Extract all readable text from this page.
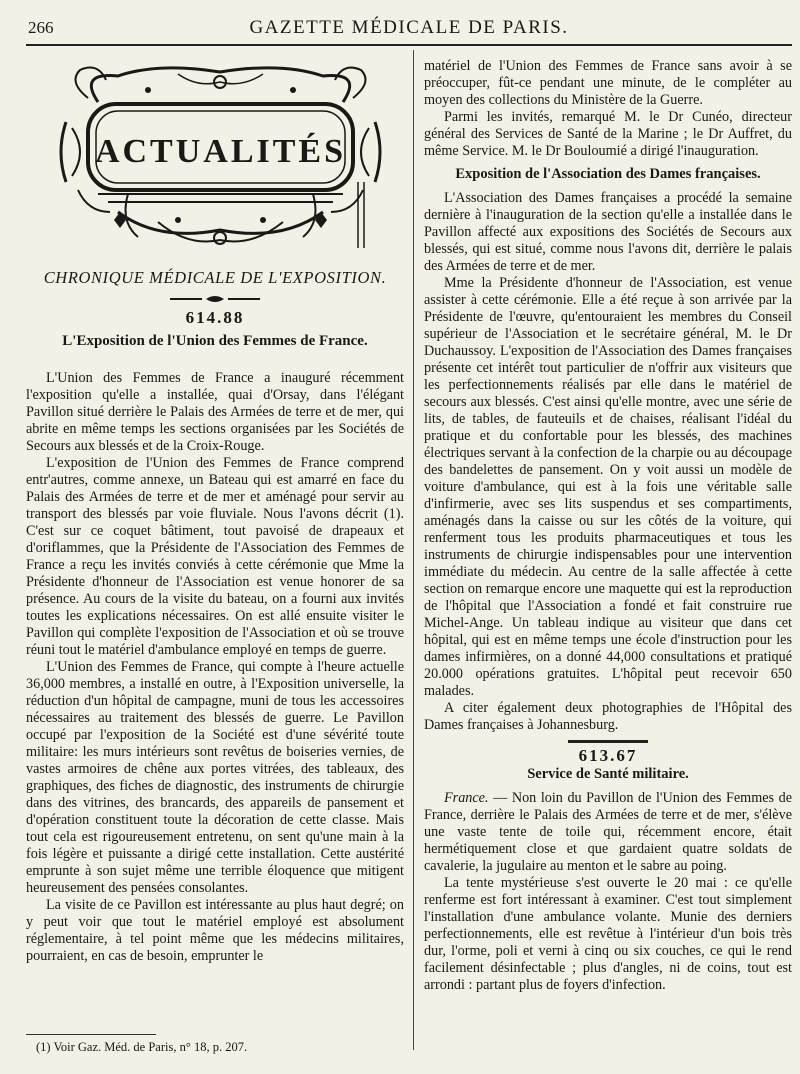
266	GAZETTE MÉDICALE DE PARIS.
ACTUALITÉS
CHRONIQUE MÉDICALE DE L'EXPOSITION.
614.88
L'Exposition de l'Union des Femmes de France.

L'Union des Femmes de France a inauguré récemment l'exposition qu'elle a installée, quai d'Orsay, dans l'élégant Pavillon situé derrière le Palais des Armées de terre et de mer, qui abrite en même temps les sections organisées par les Sociétés de Secours aux blessés et de la Croix-Rouge.

L'exposition de l'Union des Femmes de France comprend entr'autres, comme annexe, un Bateau qui est amarré en face du Palais des Armées de terre et de mer et aménagé pour servir au transport des blessés par voie fluviale. Nous l'avons décrit (1). C'est sur ce coquet bâtiment, tout pavoisé de drapeaux et d'oriflammes, que la Présidente de l'Association des Femmes de France a reçu les invités conviés à cette cérémonie que Mme la Présidente d'honneur de l'Association est venue honorer de sa présence. Au cours de la visite du bateau, on a fourni aux invités toutes les explications nécessaires. On est allé ensuite visiter le Pavillon qui complète l'exposition de l'Association et où se trouve réuni tout le matériel d'ambulance employé en temps de guerre.

L'Union des Femmes de France, qui compte à l'heure actuelle 36,000 membres, a installé en outre, à l'Exposition universelle, la réduction d'un hôpital de campagne, muni de tous les accessoires nécessaires au traitement des blessés de guerre. Le Pavillon occupé par l'exposition de la Société est d'une sévérité toute militaire: les murs intérieurs sont revêtus de boiseries vernies, de vastes armoires de chêne aux portes vitrées, des tableaux, des graphiques, des fiches de diagnostic, des instruments de chirurgie dans des vitrines, des brancards, des appareils de pansement et d'opération constituent toute la décoration de cette classe. Mais tout cela est rigoureusement entretenu, on sent qu'une main à la fois légère et puissante a dirigé cette installation. Cette austérité emprunte à son sujet même une terrible éloquence que mitigent heureusement des pensées consolantes.

La visite de ce Pavillon est intéressante au plus haut degré; on y peut voir que tout le matériel employé est absolument réglementaire, à tel point même que les médecins militaires, pourraient, en cas de besoin, emprunter le

matériel de l'Union des Femmes de France sans avoir à se préoccuper, fût-ce pendant une minute, de le compléter au moyen des collections du Ministère de la Guerre.

Parmi les invités, remarqué M. le Dr Cunéo, directeur général des Services de Santé de la Marine ; le Dr Auffret, du même Service. M. le Dr Bouloumié a dirigé l'inauguration.

Exposition de l'Association des Dames françaises.

L'Association des Dames françaises a procédé la semaine dernière à l'inauguration de la section qu'elle a installée dans le Pavillon affecté aux expositions des Sociétés de Secours aux blessés, qui est situé, comme nous l'avons dit, derrière le palais des Armées de terre et de mer.

Mme la Présidente d'honneur de l'Association, est venue assister à cette cérémonie. Elle a été reçue à son arrivée par la Présidente de l'œuvre, qu'entouraient les membres du Conseil supérieur de l'Association et le secrétaire général, M. le Dr Duchaussoy. L'exposition de l'Association des Dames françaises présente cet intérêt tout particulier de n'offrir aux visiteurs que les perfectionnements réalisés par elle dans le matériel de secours aux blessés. C'est ainsi qu'elle montre, avec une série de lits, de tables, de fauteuils et de chaises, réalisant l'idéal du pratique et du confortable pour les blessés, des machines électriques servant à la confection de la charpie ou au découpage des bandelettes de pansement. On y voit aussi un modèle de voiture d'ambulance, qui est à la fois une véritable salle d'infirmerie, avec ses lits suspendus et ses compartiments, aménagés dans la caisse ou sur les côtés de la voiture, qui renferment tous les produits pharmaceutiques et tous les instruments de chirurgie indispensables pour une intervention immédiate du médecin. Au centre de la salle affectée à cette section on remarque encore une maquette qui est la reproduction de l'hôpital que l'Association a fondé et fait construire rue Michel-Ange. Un tableau indique au visiteur que dans cet hôpital, qui est en même temps une école d'instruction pour les dames infirmières, on a donné 44,000 consultations et pratiqué 20.000 opérations gratuites. L'hôpital peut recevoir 650 malades.

A citer également deux photographies de l'Hôpital des Dames françaises à Johannesburg.

613.67
Service de Santé militaire.

France. — Non loin du Pavillon de l'Union des Femmes de France, derrière le Palais des Armées de terre et de mer, s'élève une vaste tente de toile qui, récemment encore, était hermétiquement close et que gardaient quatre soldats de cavalerie, la jugulaire au menton et le sabre au poing.

La tente mystérieuse s'est ouverte le 20 mai : ce qu'elle renferme est fort intéressant à examiner. C'est tout simplement l'installation d'une ambulance volante. Munie des derniers perfectionnements, elle est revêtue à l'intérieur d'un bois très dur, l'orme, poli et verni à cinq ou six couches, ce qui le rend facilement désinfectable ; plus d'angles, ni de coins, tout est arrondi : partant plus de foyers d'infection.

(1) Voir Gaz. Méd. de Paris, n° 18, p. 207.
